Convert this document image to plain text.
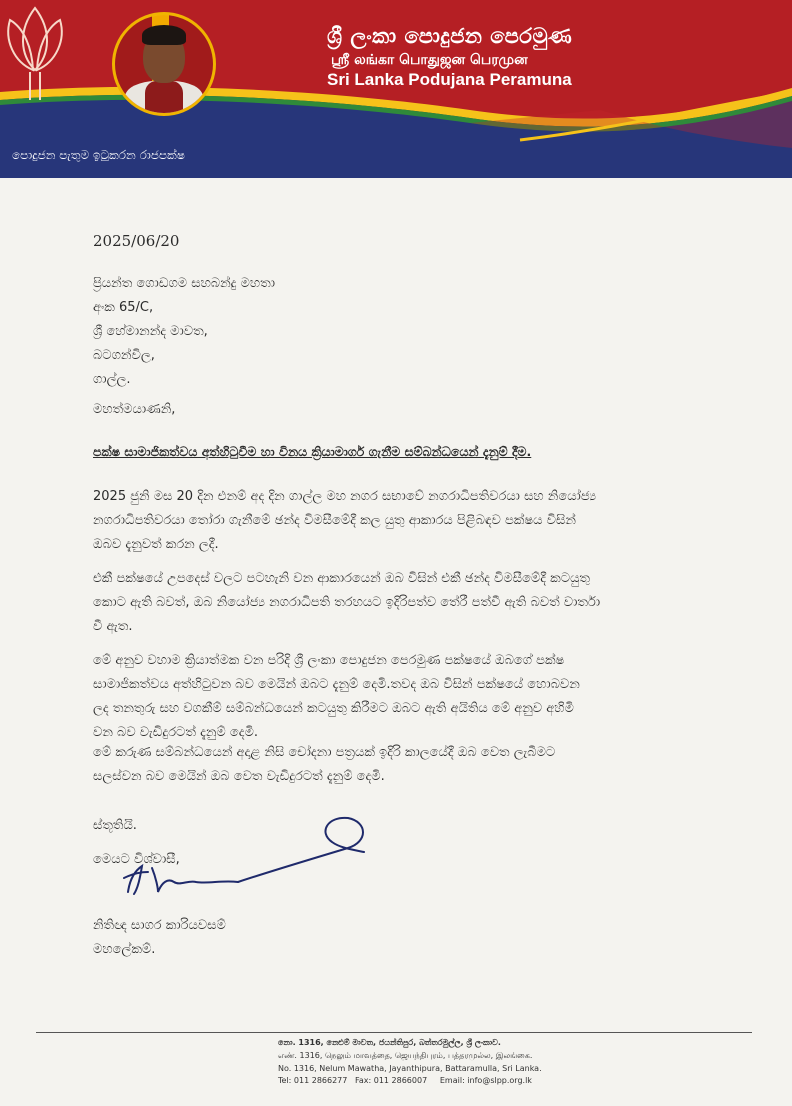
ශ්‍රී ලංකා පොදුජන පෙරමුණ
ஸ்ரீ லங்கா பொதுஜன பெரமுன
Sri Lanka Podujana Peramuna
පොදුජන පැතුම ඉටුකරන රාජපක්ෂ
2025/06/20
ප්‍රියන්ත ගොඩගම සහබන්දු මහතා
අංක 65/C,
ශ්‍රී හේමානන්ද මාවත,
බටගන්විල,
ගාල්ල.
මහත්මයාණනි,
පක්ෂ සාමාජිකත්වය අත්හිටුවීම හා විනය ක්‍රියාමාර්ග ගැනීම සම්බන්ධයෙන් දැනුම් දීම.
2025 ජුනි මස 20 දින එනම් අද දින ගාල්ල මහ නගර සභාවේ නගරාධිපතිවරයා සහ නියෝජ්‍ය
නගරාධිපතිවරයා තෝරා ගැනීමේ ඡන්ද විමසීමේදී කල යුතු ආකාරය පිළිබඳව පක්ෂය විසින්
ඔබව දැනුවත් කරන ලදී.
එකී පක්ෂයේ උපදෙස් වලට පටහැනි වන ආකාරයෙන් ඔබ විසින් එකී ඡන්ද විමසීමේදී කටයුතු
කොට ඇති බවත්, ඔබ නියෝජ්‍ය නගරාධිපති තරහයට ඉදිරිපත්ව තේරී පත්වී ඇති බවත් වාර්තා
වී ඇත.
මේ අනුව වහාම ක්‍රියාත්මක වන පරිදි ශ්‍රී ලංකා පොදුජන පෙරමුණ පක්ෂයේ ඔබගේ පක්ෂ
සාමාජිකත්වය අත්හිටුවන බව මෙයින් ඔබට දැනුම් දෙමි.තවද ඔබ විසින් පක්ෂයේ හොබවන
ලද තනතුරු සහ වගකීම් සම්බන්ධයෙන් කටයුතු කිරීමට ඔබට ඇති අයිතිය මේ අනුව අහිමි
වන බව වැඩිදුරටත් දැනුම් දෙමි.
මේ කරුණ සම්බන්ධයෙන් අදාළ නිසි චෝදනා පත්‍රයක් ඉදිරි කාලයේදී ඔබ වෙත ලැබීමට
සලස්වන බව මෙයින් ඔබ වෙත වැඩිදුරටත් දැනුම් දෙමි.
ස්තූතියි.
මෙයට විශ්වාසී,
නිතිඥ සාගර කාරියවසම්
මහලේකම්.
නො. 1316, නෙළුම් මාවත, ජයන්තිපුර, බත්තරමුල්ල, ශ්‍රී ලංකාව.
எண். 1316, நெலும் மாவத்தை, ஜெயந்திபுரம், பத்தரமுல்ல, இலங்கை.
No. 1316, Nelum Mawatha, Jayanthipura, Battaramulla, Sri Lanka.
Tel: 011 2866277   Fax: 011 2866007     Email: info@slpp.org.lk
